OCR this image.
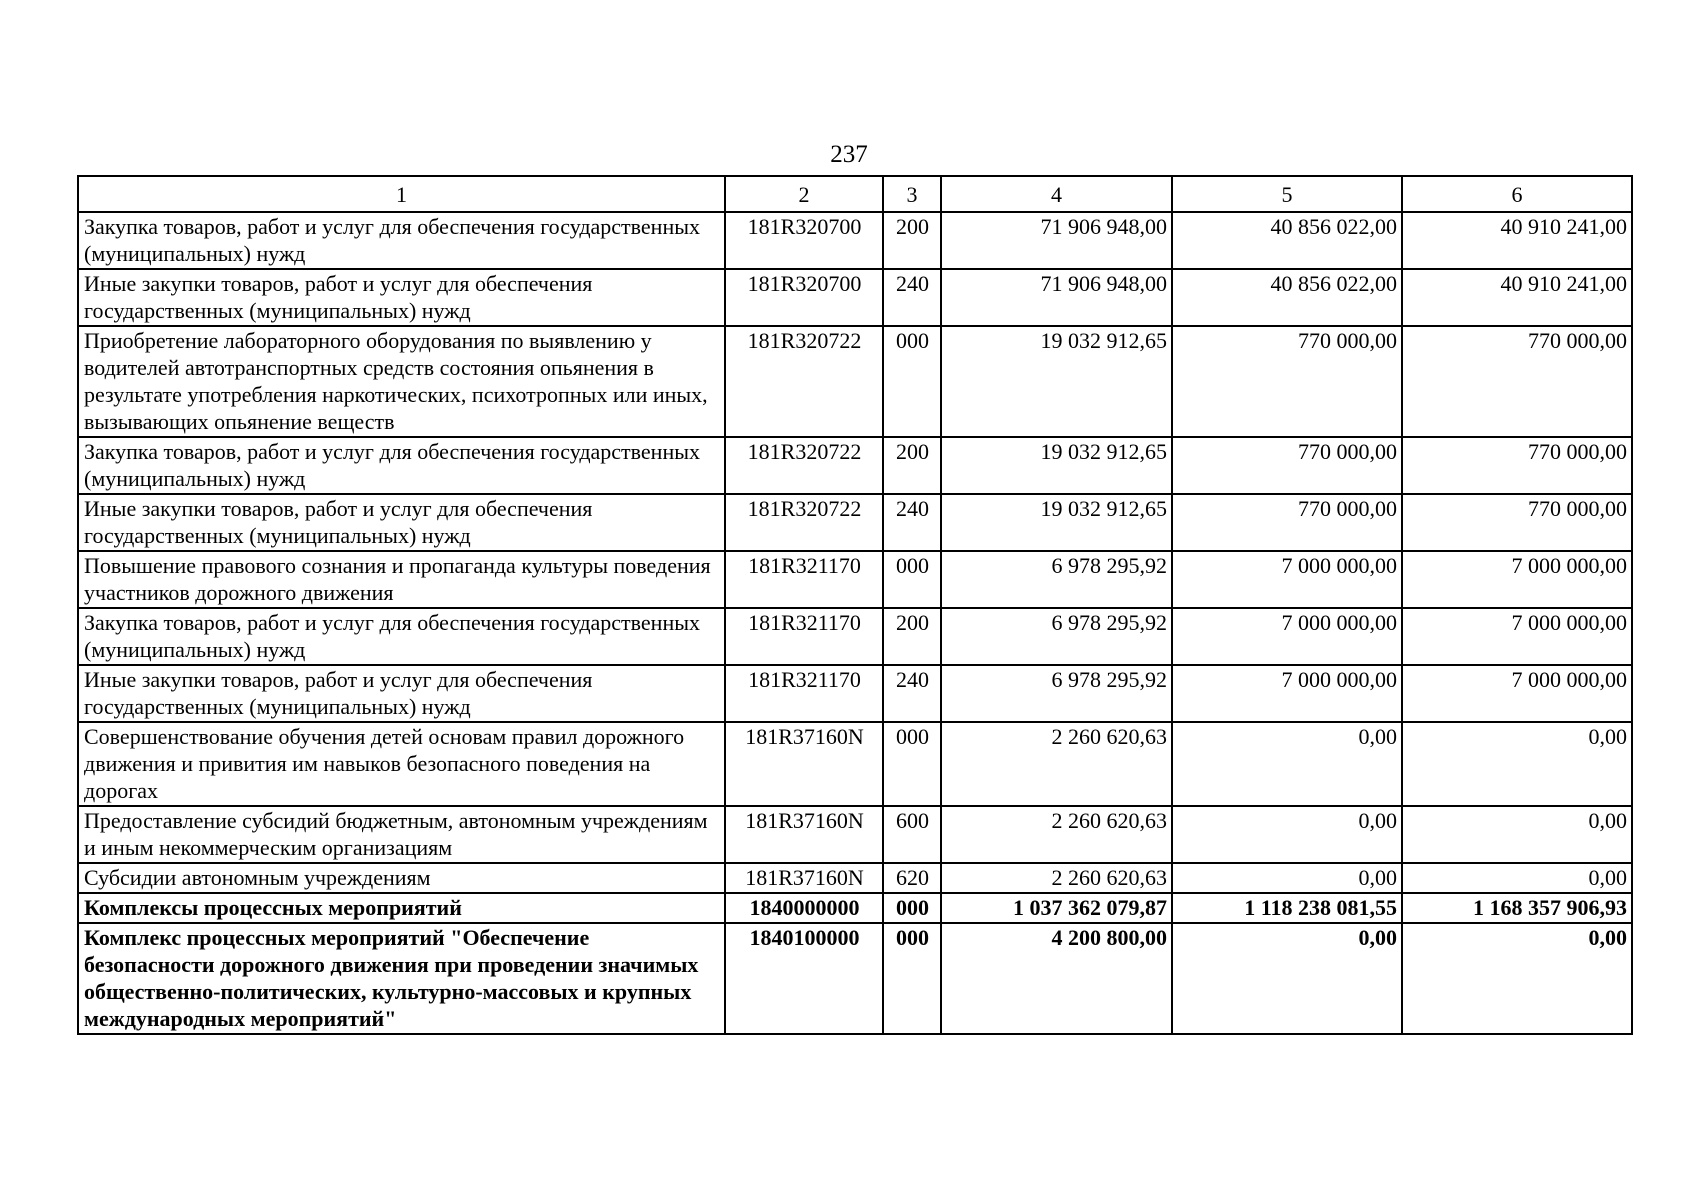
237
1	2	3	4	5	6
Закупка товаров, работ и услуг для обеспечения государственных (муниципальных) нужд	181R320700	200	71 906 948,00	40 856 022,00	40 910 241,00
Иные закупки товаров, работ и услуг для обеспечения государственных (муниципальных) нужд	181R320700	240	71 906 948,00	40 856 022,00	40 910 241,00
Приобретение лабораторного оборудования по выявлению у водителей автотранспортных средств состояния опьянения в результате употребления наркотических, психотропных или иных, вызывающих опьянение веществ	181R320722	000	19 032 912,65	770 000,00	770 000,00
Закупка товаров, работ и услуг для обеспечения государственных (муниципальных) нужд	181R320722	200	19 032 912,65	770 000,00	770 000,00
Иные закупки товаров, работ и услуг для обеспечения государственных (муниципальных) нужд	181R320722	240	19 032 912,65	770 000,00	770 000,00
Повышение правового сознания и пропаганда культуры поведения участников дорожного движения	181R321170	000	6 978 295,92	7 000 000,00	7 000 000,00
Закупка товаров, работ и услуг для обеспечения государственных (муниципальных) нужд	181R321170	200	6 978 295,92	7 000 000,00	7 000 000,00
Иные закупки товаров, работ и услуг для обеспечения государственных (муниципальных) нужд	181R321170	240	6 978 295,92	7 000 000,00	7 000 000,00
Совершенствование обучения детей основам правил дорожного движения и привития им навыков безопасного поведения на дорогах	181R37160N	000	2 260 620,63	0,00	0,00
Предоставление субсидий бюджетным, автономным учреждениям и иным некоммерческим организациям	181R37160N	600	2 260 620,63	0,00	0,00
Субсидии автономным учреждениям	181R37160N	620	2 260 620,63	0,00	0,00
Комплексы процессных мероприятий	1840000000	000	1 037 362 079,87	1 118 238 081,55	1 168 357 906,93
Комплекс процессных мероприятий "Обеспечение безопасности дорожного движения при проведении значимых общественно-политических, культурно-массовых и крупных международных мероприятий"	1840100000	000	4 200 800,00	0,00	0,00
